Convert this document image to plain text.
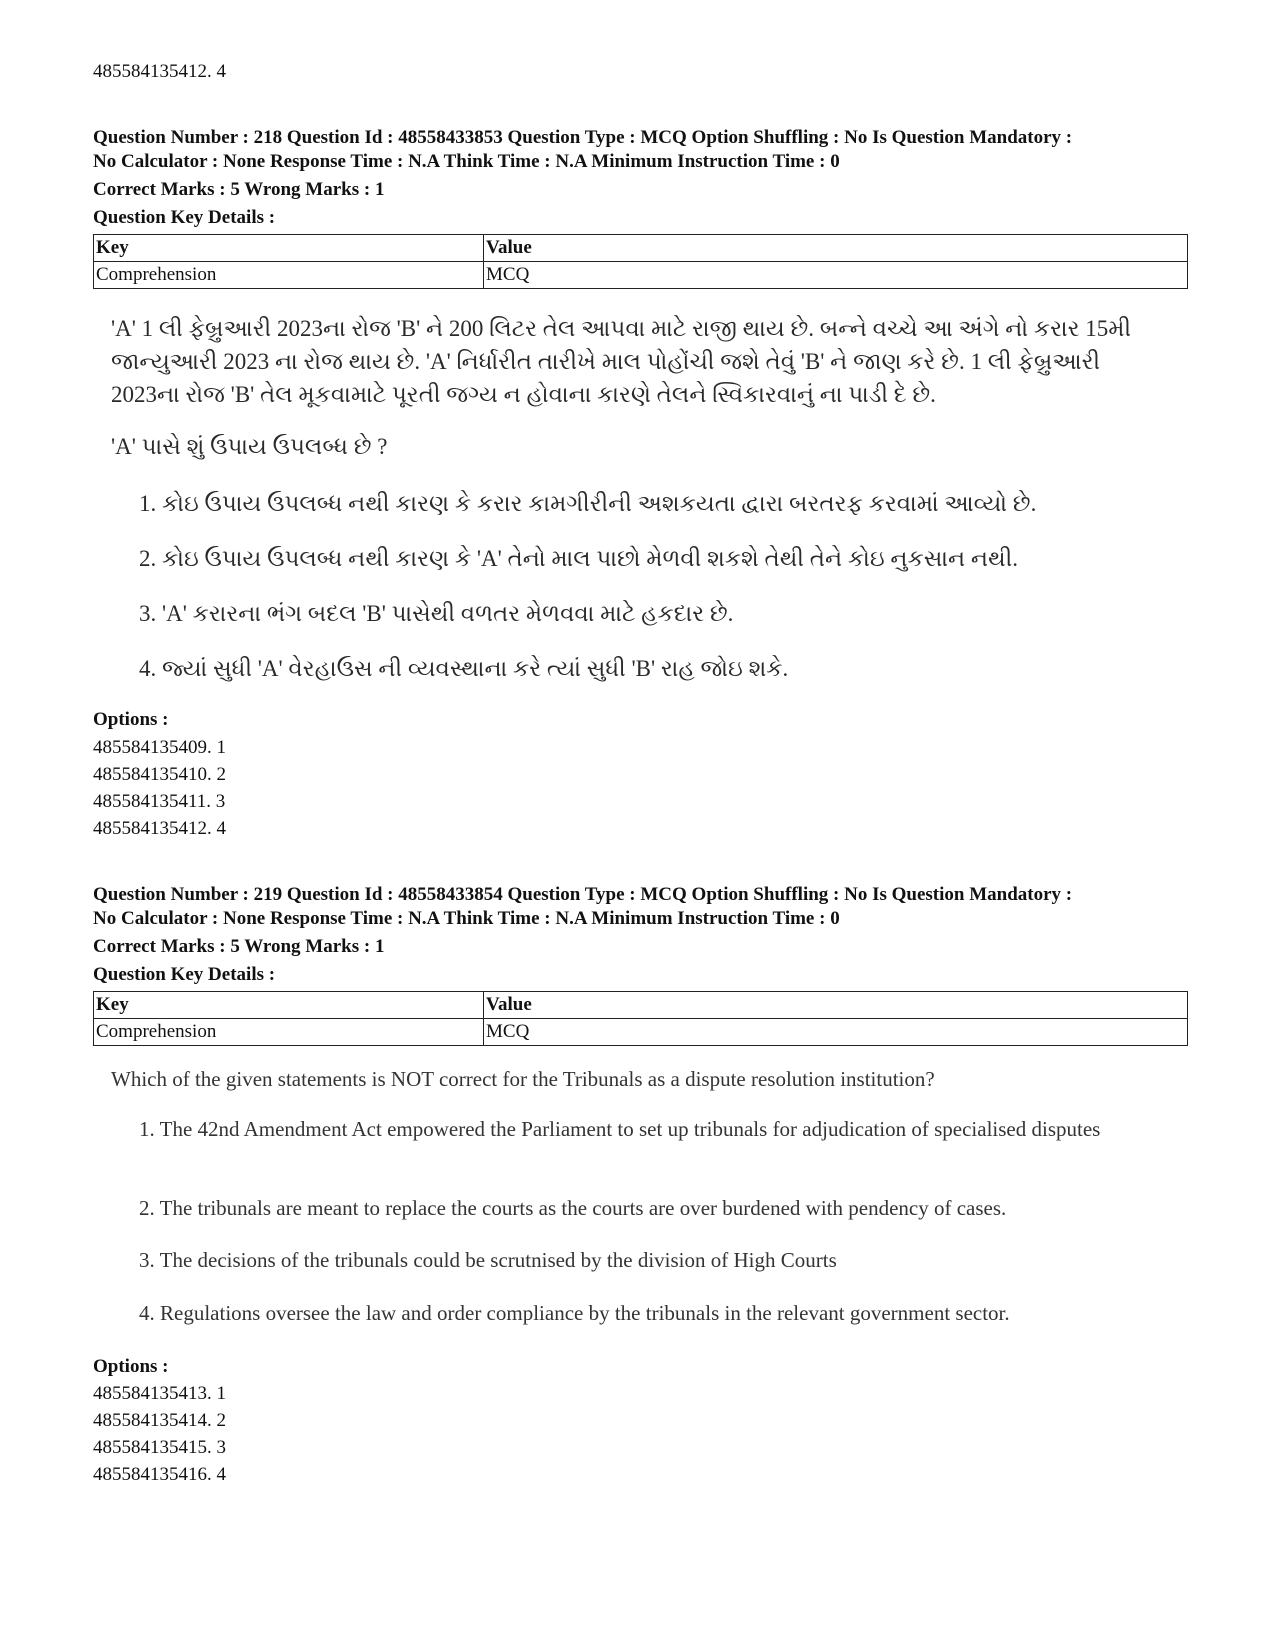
485584135412. 4
Question Number : 218 Question Id : 48558433853 Question Type : MCQ Option Shuffling : No Is Question Mandatory :
No Calculator : None Response Time : N.A Think Time : N.A Minimum Instruction Time : 0
Correct Marks : 5 Wrong Marks : 1
Question Key Details :
Key	Value
Comprehension	MCQ
'A' 1 લી ફેબ્રુઆરી 2023ના રોજ 'B' ને 200 લિટર તેલ આપવા માટે રાજી થાય છે. બન્ને વચ્ચે આ અંગે નો કરાર 15મી
જાન્યુઆરી 2023 ના રોજ થાય છે. 'A' નિર્ધારીત તારીખે માલ પોહોંચી જશે તેવું 'B' ને જાણ કરે છે. 1 લી ફેબ્રુઆરી
2023ના રોજ 'B' તેલ મૂકવામાટે પૂરતી જગ્ય ન હોવાના કારણે તેલને સ્વિકારવાનું ના પાડી દે છે.
'A' પાસે શું ઉપાય ઉપલબ્ધ છે ?
1. કોઇ ઉપાય ઉપલબ્ધ નથી કારણ કે કરાર કામગીરીની અશકયતા દ્વારા બરતરફ કરવામાં આવ્યો છે.
2. કોઇ ઉપાય ઉપલબ્ધ નથી કારણ કે 'A' તેનો માલ પાછો મેળવી શકશે તેથી તેને કોઇ નુકસાન નથી.
3. 'A' કરારના ભંગ બદલ 'B' પાસેથી વળતર મેળવવા માટે હકદાર છે.
4. જ્યાં સુધી 'A' વેરહાઉસ ની વ્યવસ્થાના કરે ત્યાં સુધી 'B' રાહ જોઇ શકે.
Options :
485584135409. 1
485584135410. 2
485584135411. 3
485584135412. 4
Question Number : 219 Question Id : 48558433854 Question Type : MCQ Option Shuffling : No Is Question Mandatory :
No Calculator : None Response Time : N.A Think Time : N.A Minimum Instruction Time : 0
Correct Marks : 5 Wrong Marks : 1
Question Key Details :
Key	Value
Comprehension	MCQ
Which of the given statements is NOT correct for the Tribunals as a dispute resolution institution?
1. The 42nd Amendment Act empowered the Parliament to set up tribunals for adjudication of specialised disputes
2. The tribunals are meant to replace the courts as the courts are over burdened with pendency of cases.
3. The decisions of the tribunals could be scrutnised by the division of High Courts
4. Regulations oversee the law and order compliance by the tribunals in the relevant government sector.
Options :
485584135413. 1
485584135414. 2
485584135415. 3
485584135416. 4
